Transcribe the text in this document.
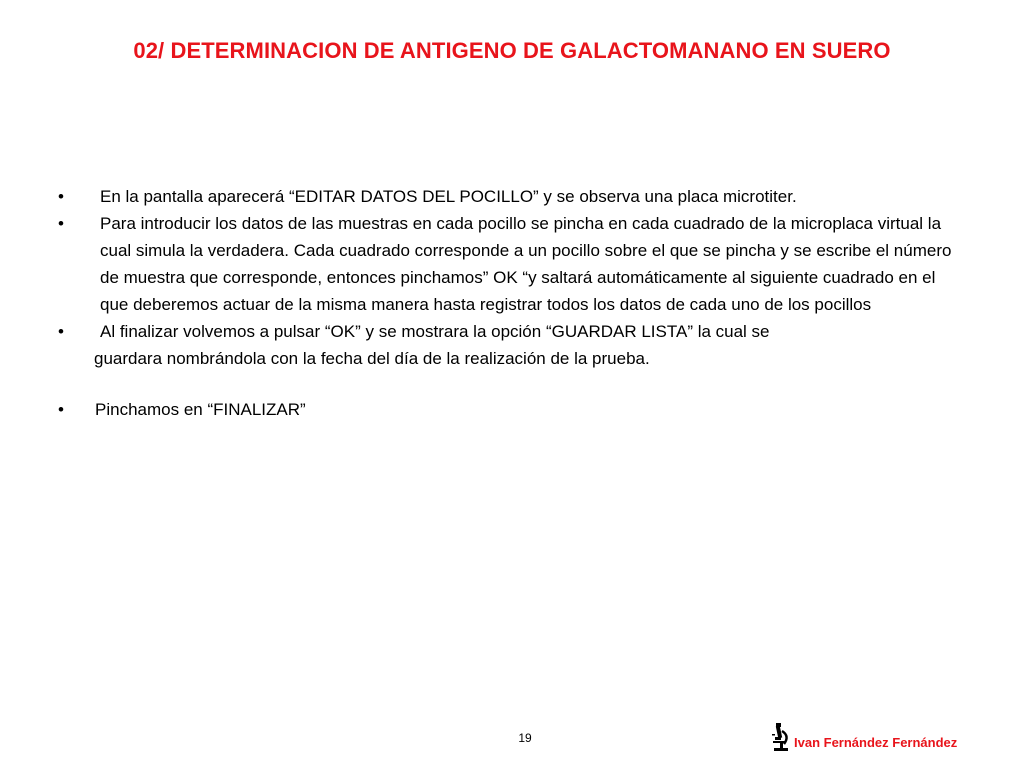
02/ DETERMINACION DE ANTIGENO DE GALACTOMANANO EN SUERO
•	En la pantalla aparecerá “EDITAR DATOS DEL POCILLO” y se observa una placa microtiter.
•	Para introducir los datos de las muestras en cada pocillo se pincha en cada cuadrado de la microplaca virtual la cual simula la verdadera. Cada cuadrado corresponde a un pocillo sobre el que se pincha y se escribe el número de muestra que corresponde, entonces pinchamos” OK “y saltará automáticamente al siguiente cuadrado en el que deberemos actuar de la misma manera hasta registrar todos los datos de cada uno de los pocillos
•	Al finalizar volvemos a pulsar “OK” y se mostrara la opción “GUARDAR LISTA” la cual se
guardara nombrándola con la fecha del día de la realización de la prueba.
•	Pinchamos en “FINALIZAR”
19	Ivan Fernández Fernández
